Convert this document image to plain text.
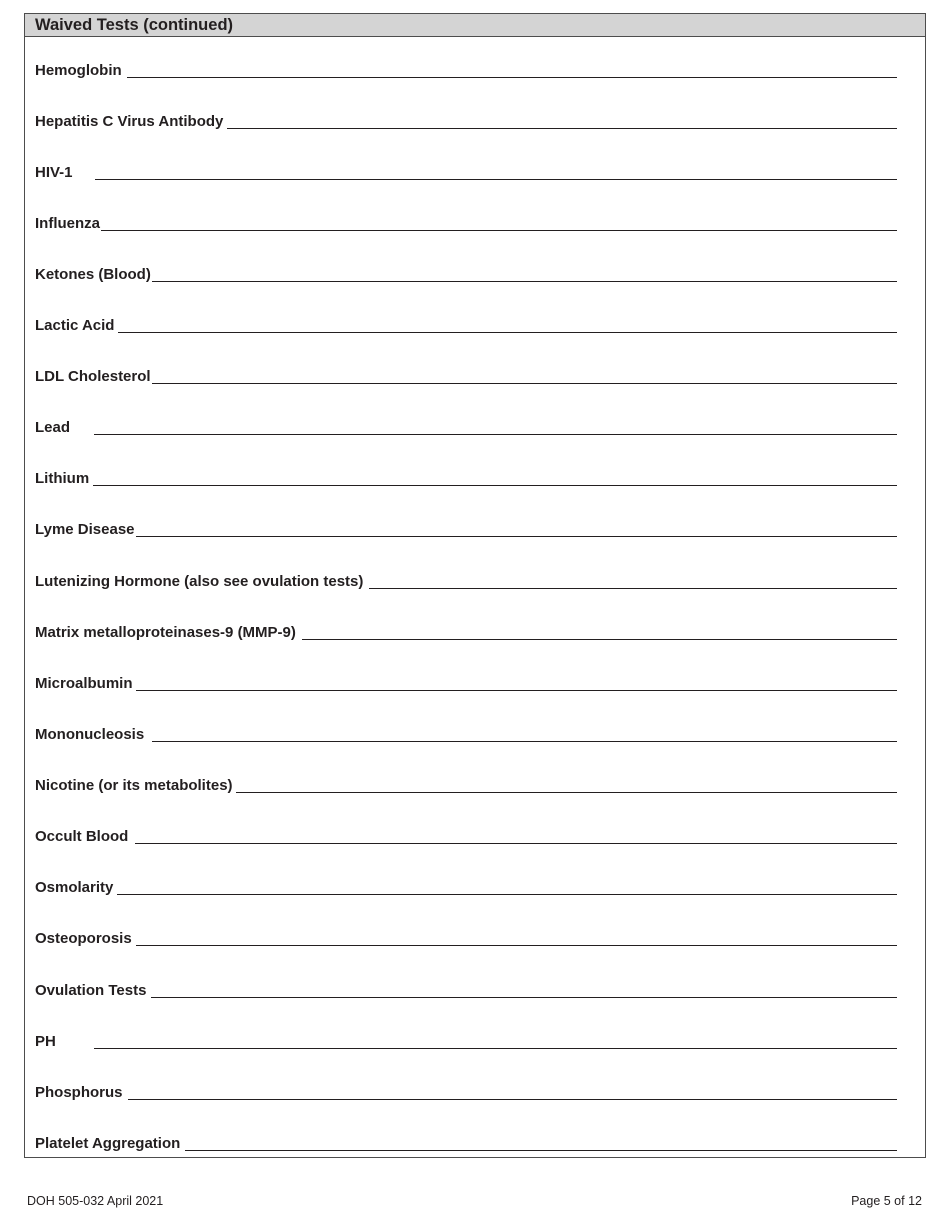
Waived Tests (continued)
Hemoglobin
Hepatitis C Virus Antibody
HIV-1
Influenza
Ketones (Blood)
Lactic Acid
LDL Cholesterol
Lead
Lithium
Lyme Disease
Lutenizing Hormone (also see ovulation tests)
Matrix metalloproteinases-9 (MMP-9)
Microalbumin
Mononucleosis
Nicotine (or its metabolites)
Occult Blood
Osmolarity
Osteoporosis
Ovulation Tests
PH
Phosphorus
Platelet Aggregation
DOH 505-032 April 2021	Page 5 of 12
